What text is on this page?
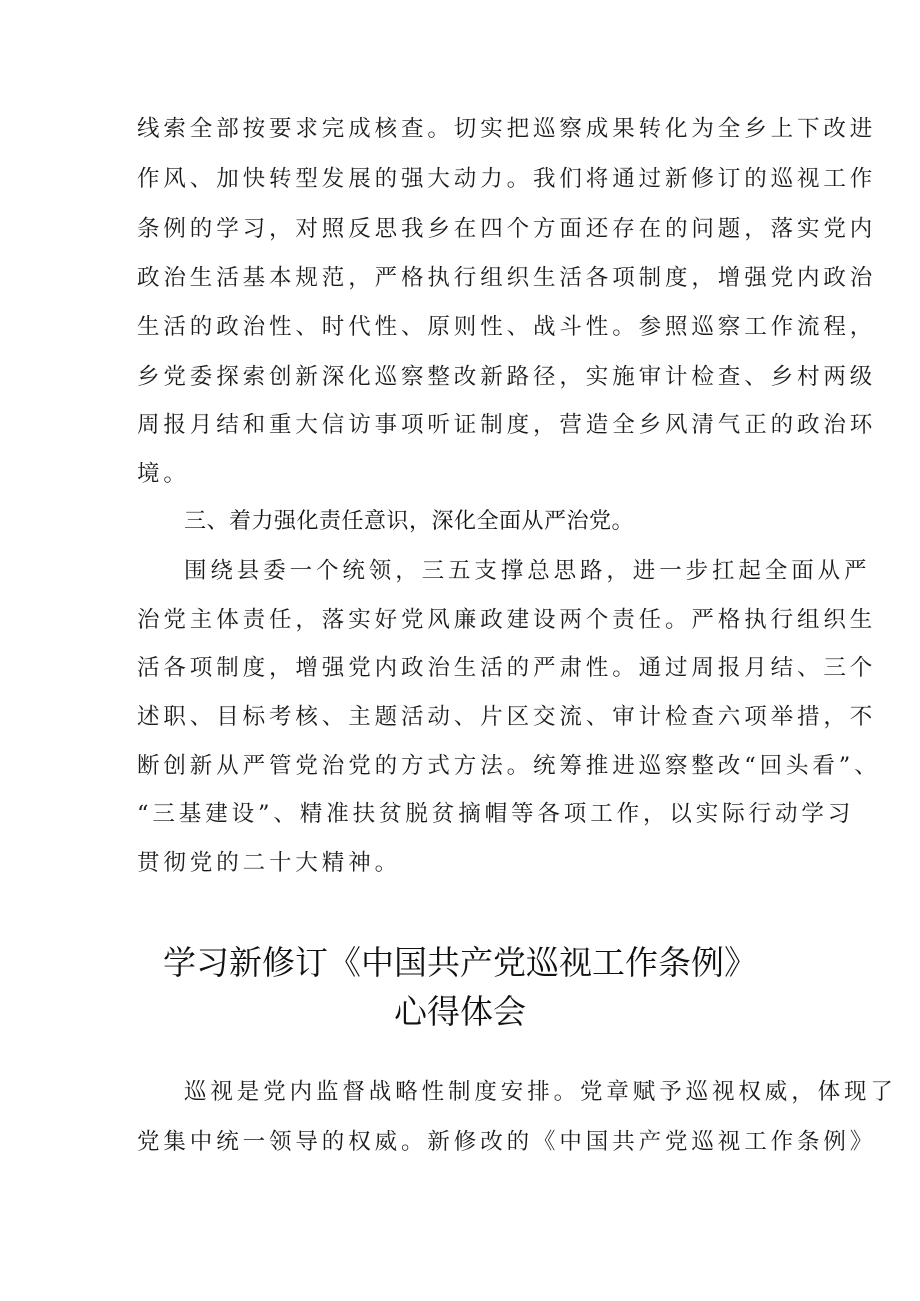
线索全部按要求完成核查。切实把巡察成果转化为全乡上下改进
作风、加快转型发展的强大动力。我们将通过新修订的巡视工作
条例的学习，对照反思我乡在四个方面还存在的问题，落实党内
政治生活基本规范，严格执行组织生活各项制度，增强党内政治
生活的政治性、时代性、原则性、战斗性。参照巡察工作流程，
乡党委探索创新深化巡察整改新路径，实施审计检查、乡村两级
周报月结和重大信访事项听证制度，营造全乡风清气正的政治环
境。
三、着力强化责任意识，深化全面从严治党。
围绕县委一个统领，三五支撑总思路，进一步扛起全面从严
治党主体责任，落实好党风廉政建设两个责任。严格执行组织生
活各项制度，增强党内政治生活的严肃性。通过周报月结、三个
述职、目标考核、主题活动、片区交流、审计检查六项举措，不
断创新从严管党治党的方式方法。统筹推进巡察整改“回头看”、
“三基建设”、精准扶贫脱贫摘帽等各项工作，以实际行动学习
贯彻党的二十大精神。
学习新修订《中国共产党巡视工作条例》
心得体会
巡视是党内监督战略性制度安排。党章赋予巡视权威，体现了
党集中统一领导的权威。新修改的《中国共产党巡视工作条例》
